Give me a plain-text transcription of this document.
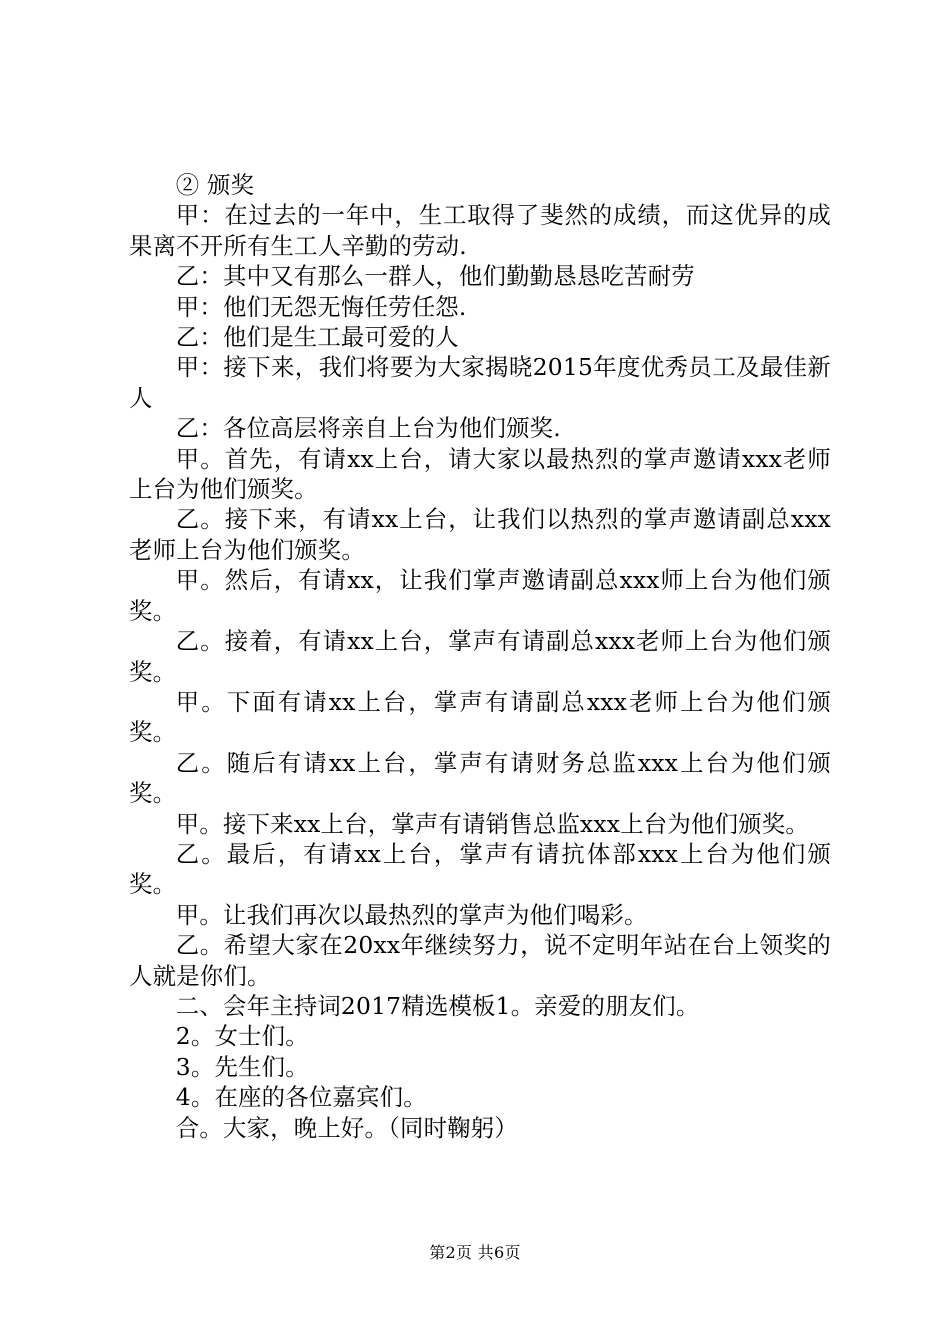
② 颁奖

甲：在过去的一年中，生工取得了斐然的成绩，而这优异的成果离不开所有生工人辛勤的劳动.

乙：其中又有那么一群人，他们勤勤恳恳吃苦耐劳

甲：他们无怨无悔任劳任怨.

乙：他们是生工最可爱的人

甲：接下来，我们将要为大家揭晓2015年度优秀员工及最佳新人

乙：各位高层将亲自上台为他们颁奖.

甲。首先，有请xx上台，请大家以最热烈的掌声邀请xxx老师上台为他们颁奖。

乙。接下来，有请xx上台，让我们以热烈的掌声邀请副总xxx老师上台为他们颁奖。

甲。然后，有请xx，让我们掌声邀请副总xxx师上台为他们颁奖。

乙。接着，有请xx上台，掌声有请副总xxx老师上台为他们颁奖。

甲。下面有请xx上台，掌声有请副总xxx老师上台为他们颁奖。

乙。随后有请xx上台，掌声有请财务总监xxx上台为他们颁奖。

甲。接下来xx上台，掌声有请销售总监xxx上台为他们颁奖。

乙。最后，有请xx上台，掌声有请抗体部xxx上台为他们颁奖。

甲。让我们再次以最热烈的掌声为他们喝彩。

乙。希望大家在20xx年继续努力，说不定明年站在台上领奖的人就是你们。

二、会年主持词2017精选模板1。亲爱的朋友们。

2。女士们。

3。先生们。

4。在座的各位嘉宾们。

合。大家，晚上好。（同时鞠躬）

第2页 共6页
